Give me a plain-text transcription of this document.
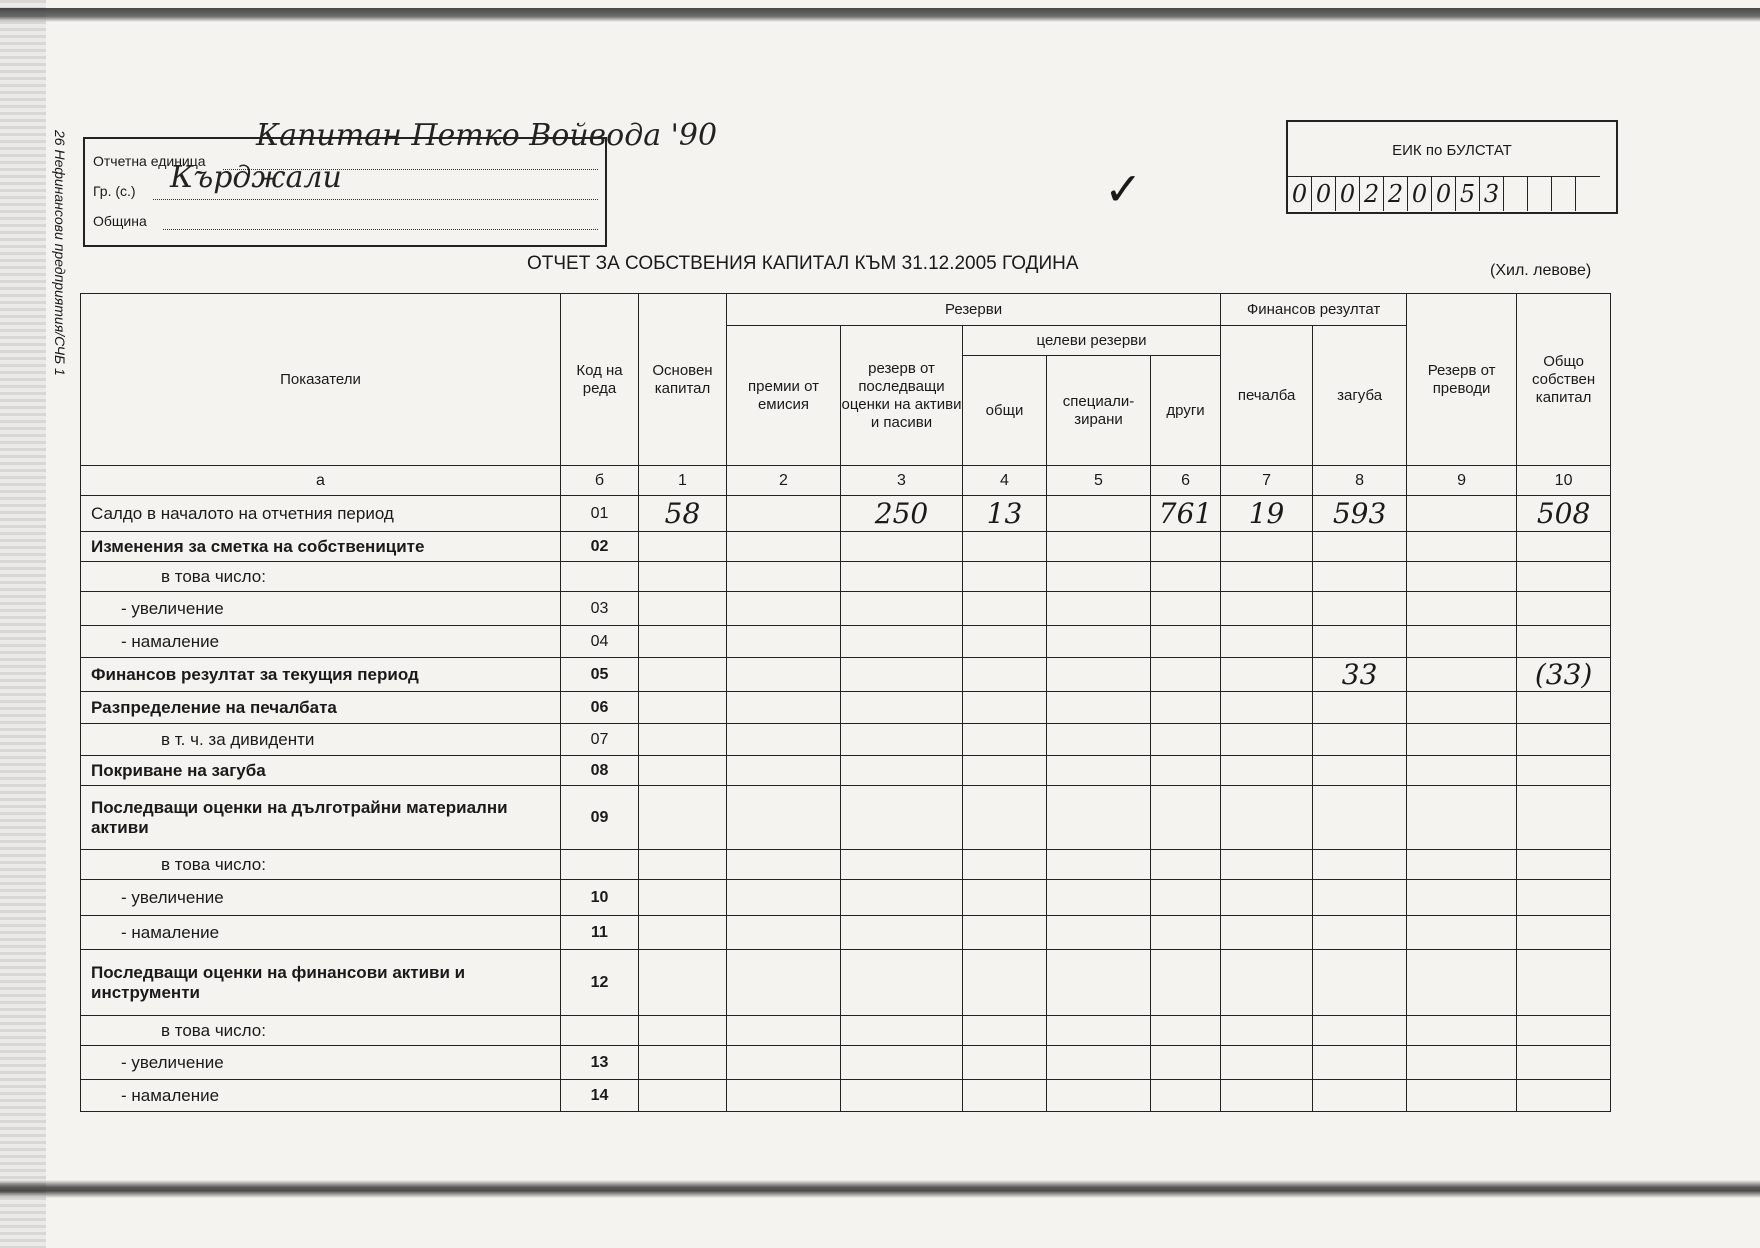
26 Нефинансови предприятия/СЧБ 1 Отчетна единица
Гр. (с.)
Община
Капитан Петко Войвода '90
Кърджали
ЕИК по БУЛСТАТ
0 0 0 2 2 0 0 5 3
✓
ОТЧЕТ ЗА СОБСТВЕНИЯ КАПИТАЛ КЪМ 31.12.2005 ГОДИНА	(Хил. левове)
Показатели	Код на реда	Основен капитал	Резерви					Финансов резултат		Резерв от преводи	Общо собствен капитал
			премии от емисия	резерв от последващи оценки на активи и пасиви	целеви резерви			печалба	загуба		
					общи	специали-зирани	други				
а	б	1	2	3	4	5	6	7	8	9	10
Салдо в началото на отчетния период	01	58		250	13		761	19	593		508
Изменения за сметка на собствениците	02										
в това число:											
- увеличение	03										
- намаление	04										
Финансов резултат за текущия период	05								33		(33)
Разпределение на печалбата	06										
в т. ч. за дивиденти	07										
Покриване на загуба	08										
Последващи оценки на дълготрайни материални активи	09										
в това число:											
- увеличение	10										
- намаление	11										
Последващи оценки на финансови активи и инструменти	12										
в това число:											
- увеличение	13										
- намаление	14										
